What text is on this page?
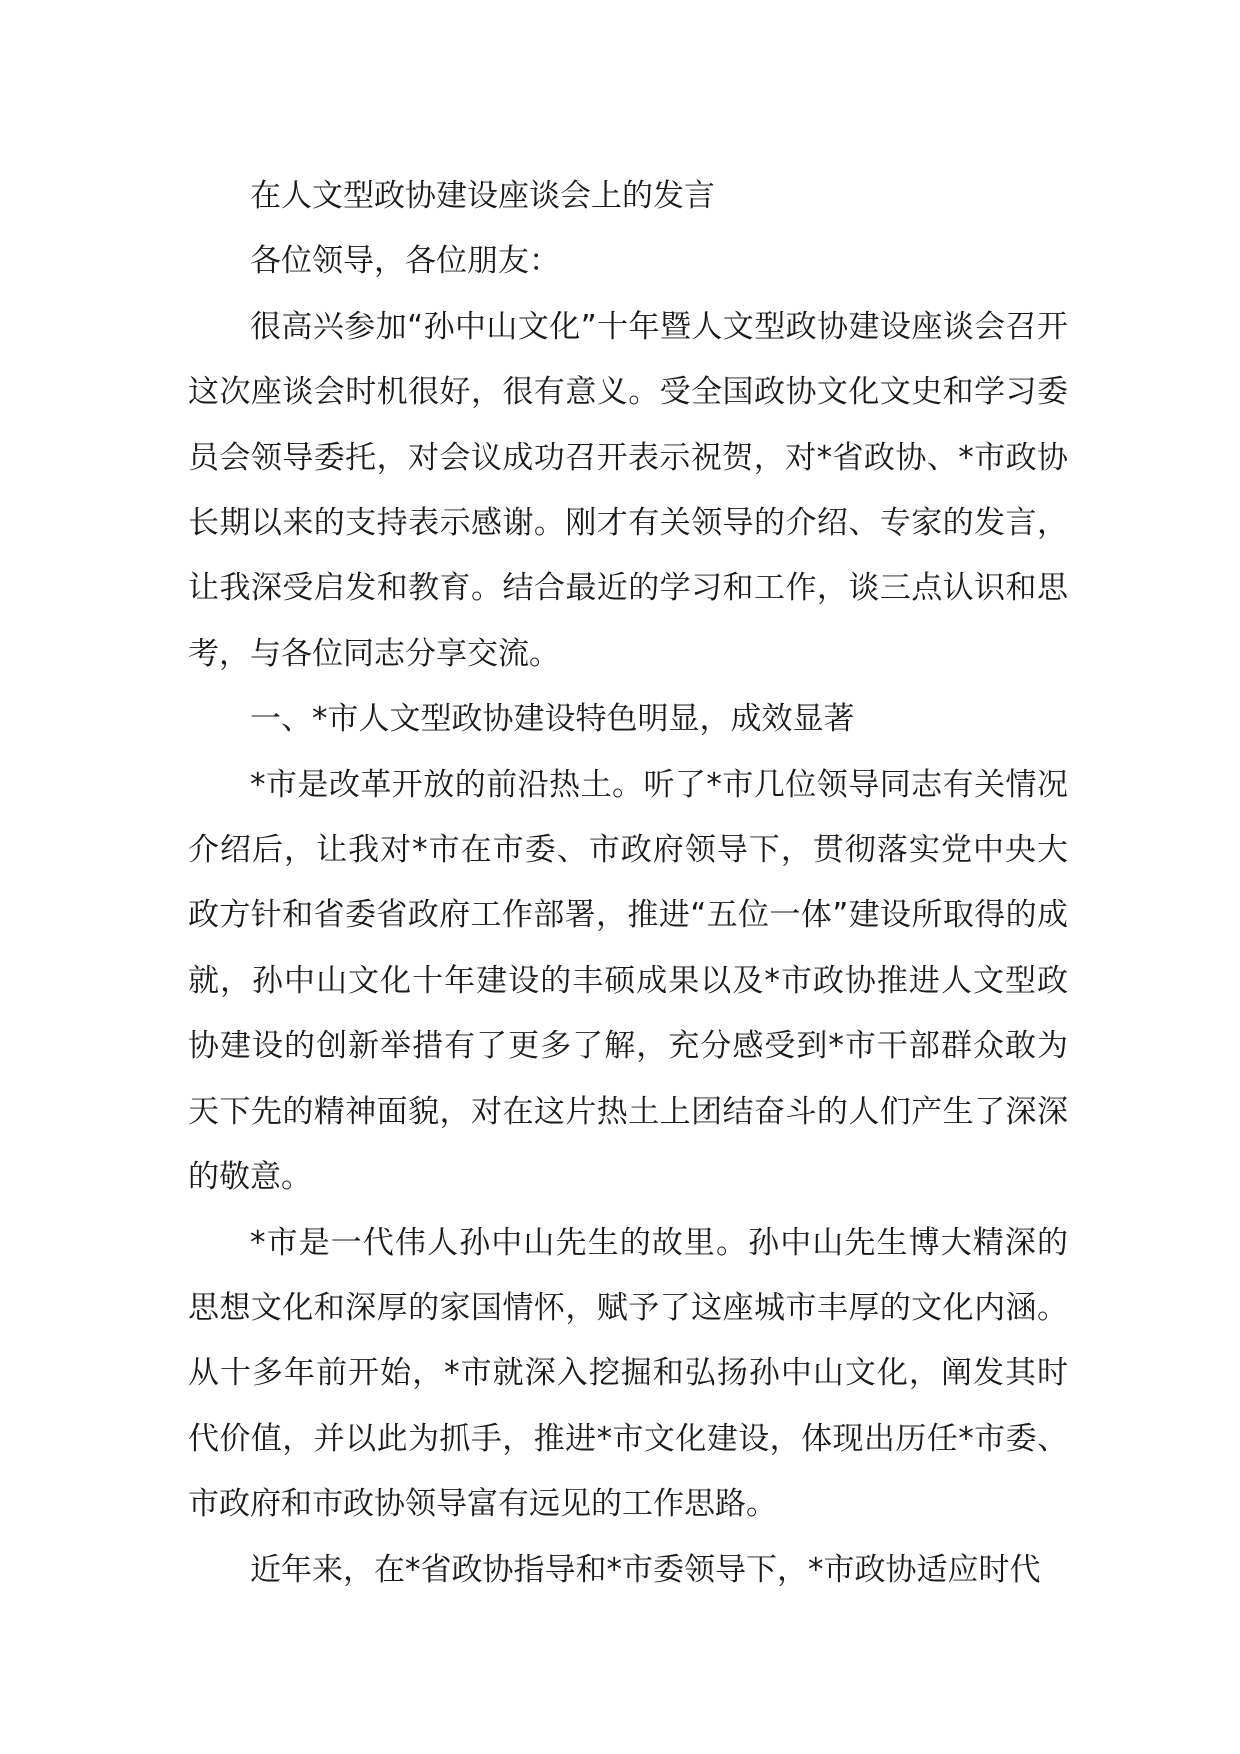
在人文型政协建设座谈会上的发言

各位领导，各位朋友：

很高兴参加“孙中山文化”十年暨人文型政协建设座谈会召开这次座谈会时机很好，很有意义。受全国政协文化文史和学习委员会领导委托，对会议成功召开表示祝贺，对*省政协、*市政协长期以来的支持表示感谢。刚才有关领导的介绍、专家的发言，让我深受启发和教育。结合最近的学习和工作，谈三点认识和思考，与各位同志分享交流。

一、*市人文型政协建设特色明显，成效显著

*市是改革开放的前沿热土。听了*市几位领导同志有关情况介绍后，让我对*市在市委、市政府领导下，贯彻落实党中央大政方针和省委省政府工作部署，推进“五位一体”建设所取得的成就，孙中山文化十年建设的丰硕成果以及*市政协推进人文型政协建设的创新举措有了更多了解，充分感受到*市干部群众敢为天下先的精神面貌，对在这片热土上团结奋斗的人们产生了深深的敬意。

*市是一代伟人孙中山先生的故里。孙中山先生博大精深的思想文化和深厚的家国情怀，赋予了这座城市丰厚的文化内涵。从十多年前开始，*市就深入挖掘和弘扬孙中山文化，阐发其时代价值，并以此为抓手，推进*市文化建设，体现出历任*市委、市政府和市政协领导富有远见的工作思路。

近年来，在*省政协指导和*市委领导下，*市政协适应时代
